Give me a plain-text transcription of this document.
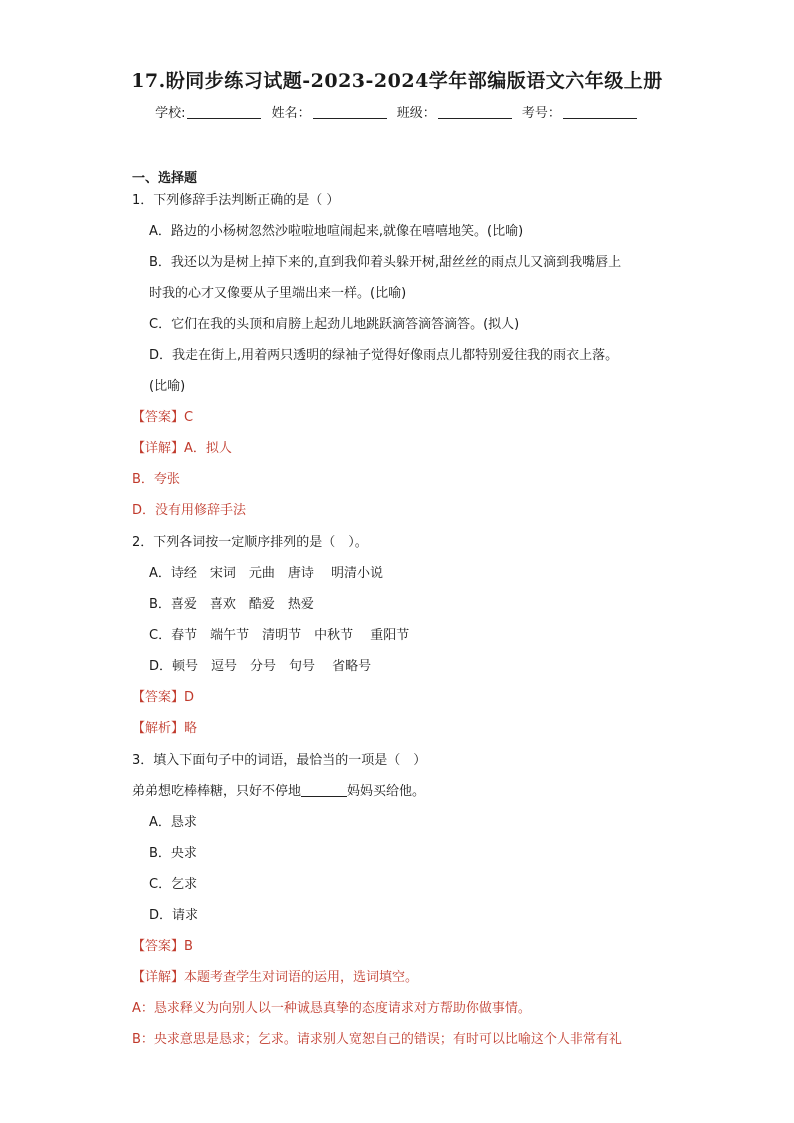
17.盼同步练习试题-2023-2024学年部编版语文六年级上册
学校:	姓名：	班级：	考号：
一、选择题
1．下列修辞手法判断正确的是（ ）
A．路边的小杨树忽然沙啦啦地喧闹起来,就像在嘻嘻地笑。(比喻)
B．我还以为是树上掉下来的,直到我仰着头躲开树,甜丝丝的雨点儿又滴到我嘴唇上
时我的心才又像要从子里端出来一样。(比喻)
C．它们在我的头顶和肩膀上起劲儿地跳跃滴答滴答滴答。(拟人)
D．我走在街上,用着两只透明的绿袖子觉得好像雨点儿都特别爱往我的雨衣上落。
(比喻)
【答案】C
【详解】A．拟人
B．夸张
D．没有用修辞手法
2．下列各词按一定顺序排列的是（　）。
A．诗经　宋词　元曲　唐诗　 明清小说
B．喜爱　喜欢　酷爱　热爱
C．春节　端午节　清明节　中秋节　 重阳节
D．顿号　逗号　分号　句号　 省略号
【答案】D
【解析】略
3．填入下面句子中的词语，最恰当的一项是（　）
弟弟想吃棒棒糖，只好不停地	妈妈买给他。
A．恳求
B．央求
C．乞求
D．请求
【答案】B
【详解】本题考查学生对词语的运用，选词填空。
A：恳求释义为向别人以一种诚恳真挚的态度请求对方帮助你做事情。
B：央求意思是恳求；乞求。请求别人宽恕自己的错误；有时可以比喻这个人非常有礼
